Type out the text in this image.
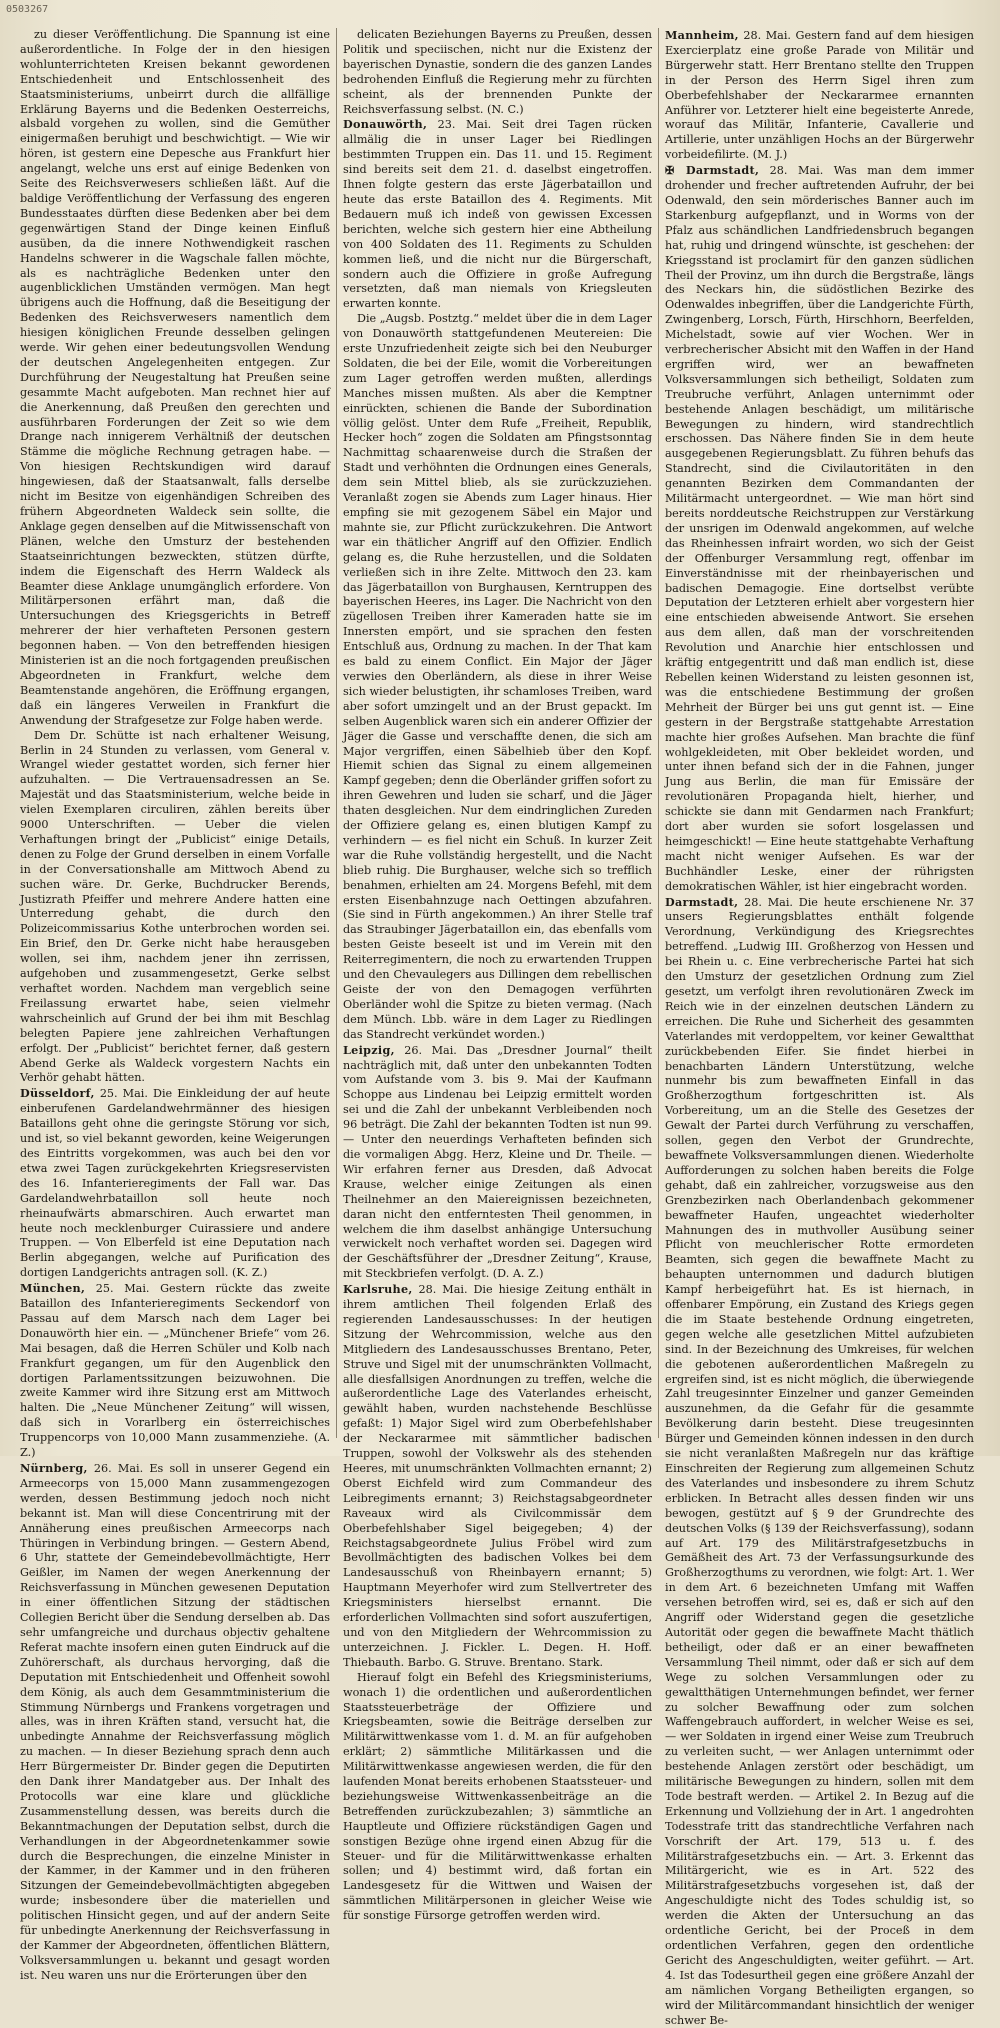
0503267

zu dieser Veröffentlichung. Die Spannung ist eine außerordentliche. In Folge der in den hiesigen wohlunterrichteten Kreisen bekannt gewordenen Entschiedenheit und Entschlossenheit des Staatsministeriums, unbeirrt durch die allfällige Erklärung Bayerns und die Bedenken Oesterreichs, alsbald vorgehen zu wollen, sind die Gemüther einigermaßen beruhigt und beschwichtigt. — Wie wir hören, ist gestern eine Depesche aus Frankfurt hier angelangt, welche uns erst auf einige Bedenken von Seite des Reichsverwesers schließen läßt. Auf die baldige Veröffentlichung der Verfassung des engeren Bundesstaates dürften diese Bedenken aber bei dem gegenwärtigen Stand der Dinge keinen Einfluß ausüben, da die innere Nothwendigkeit raschen Handelns schwerer in die Wagschale fallen möchte, als es nachträgliche Bedenken unter den augenblicklichen Umständen vermögen. Man hegt übrigens auch die Hoffnung, daß die Beseitigung der Bedenken des Reichsverwesers namentlich dem hiesigen königlichen Freunde desselben gelingen werde. Wir gehen einer bedeutungsvollen Wendung der deutschen Angelegenheiten entgegen. Zur Durchführung der Neugestaltung hat Preußen seine gesammte Macht aufgeboten. Man rechnet hier auf die Anerkennung, daß Preußen den gerechten und ausführbaren Forderungen der Zeit so wie dem Drange nach innigerem Verhältniß der deutschen Stämme die mögliche Rechnung getragen habe. — Von hiesigen Rechtskundigen wird darauf hingewiesen, daß der Staatsanwalt, falls derselbe nicht im Besitze von eigenhändigen Schreiben des frühern Abgeordneten Waldeck sein sollte, die Anklage gegen denselben auf die Mitwissenschaft von Plänen, welche den Umsturz der bestehenden Staatseinrichtungen bezweckten, stützen dürfte, indem die Eigenschaft des Herrn Waldeck als Beamter diese Anklage unumgänglich erfordere. Von Militärpersonen erfährt man, daß die Untersuchungen des Kriegsgerichts in Betreff mehrerer der hier verhafteten Personen gestern begonnen haben. — Von den betreffenden hiesigen Ministerien ist an die noch fortgagenden preußischen Abgeordneten in Frankfurt, welche dem Beamtenstande angehören, die Eröffnung ergangen, daß ein längeres Verweilen in Frankfurt die Anwendung der Strafgesetze zur Folge haben werde.

Dem Dr. Schütte ist nach erhaltener Weisung, Berlin in 24 Stunden zu verlassen, vom General v. Wrangel wieder gestattet worden, sich ferner hier aufzuhalten. — Die Vertrauensadressen an Se. Majestät und das Staatsministerium, welche beide in vielen Exemplaren circuliren, zählen bereits über 9000 Unterschriften. — Ueber die vielen Verhaftungen bringt der „Publicist“ einige Details, denen zu Folge der Grund derselben in einem Vorfalle in der Conversationshalle am Mittwoch Abend zu suchen wäre. Dr. Gerke, Buchdrucker Berends, Justizrath Pfeiffer und mehrere Andere hatten eine Unterredung gehabt, die durch den Polizeicommissarius Kothe unterbrochen worden sei. Ein Brief, den Dr. Gerke nicht habe herausgeben wollen, sei ihm, nachdem jener ihn zerrissen, aufgehoben und zusammengesetzt, Gerke selbst verhaftet worden. Nachdem man vergeblich seine Freilassung erwartet habe, seien vielmehr wahrscheinlich auf Grund der bei ihm mit Beschlag belegten Papiere jene zahlreichen Verhaftungen erfolgt. Der „Publicist“ berichtet ferner, daß gestern Abend Gerke als Waldeck vorgestern Nachts ein Verhör gehabt hätten.

Düsseldorf, 25. Mai. Die Einkleidung der auf heute einberufenen Gardelandwehrmänner des hiesigen Bataillons geht ohne die geringste Störung vor sich, und ist, so viel bekannt geworden, keine Weigerungen des Eintritts vorgekommen, was auch bei den vor etwa zwei Tagen zurückgekehrten Kriegsreservisten des 16. Infanterieregiments der Fall war. Das Gardelandwehrbataillon soll heute noch rheinaufwärts abmarschiren. Auch erwartet man heute noch mecklenburger Cuirassiere und andere Truppen. — Von Elberfeld ist eine Deputation nach Berlin abgegangen, welche auf Purification des dortigen Landgerichts antragen soll. (K. Z.)

München, 25. Mai. Gestern rückte das zweite Bataillon des Infanterieregiments Seckendorf von Passau auf dem Marsch nach dem Lager bei Donauwörth hier ein. — „Münchener Briefe“ vom 26. Mai besagen, daß die Herren Schüler und Kolb nach Frankfurt gegangen, um für den Augenblick den dortigen Parlamentssitzungen beizuwohnen. Die zweite Kammer wird ihre Sitzung erst am Mittwoch halten. Die „Neue Münchener Zeitung“ will wissen, daß sich in Vorarlberg ein österreichisches Truppencorps von 10,000 Mann zusammenziehe. (A. Z.)

Nürnberg, 26. Mai. Es soll in unserer Gegend ein Armeecorps von 15,000 Mann zusammengezogen werden, dessen Bestimmung jedoch noch nicht bekannt ist. Man will diese Concentrirung mit der Annäherung eines preußischen Armeecorps nach Thüringen in Verbindung bringen. — Gestern Abend, 6 Uhr, stattete der Gemeindebevollmächtigte, Herr Geißler, im Namen der wegen Anerkennung der Reichsverfassung in München gewesenen Deputation in einer öffentlichen Sitzung der städtischen Collegien Bericht über die Sendung derselben ab. Das sehr umfangreiche und durchaus objectiv gehaltene Referat machte insofern einen guten Eindruck auf die Zuhörerschaft, als durchaus hervorging, daß die Deputation mit Entschiedenheit und Offenheit sowohl dem König, als auch dem Gesammtministerium die Stimmung Nürnbergs und Frankens vorgetragen und alles, was in ihren Kräften stand, versucht hat, die unbedingte Annahme der Reichsverfassung möglich zu machen. — In dieser Beziehung sprach denn auch Herr Bürgermeister Dr. Binder gegen die Deputirten den Dank ihrer Mandatgeber aus. Der Inhalt des Protocolls war eine klare und glückliche Zusammenstellung dessen, was bereits durch die Bekanntmachungen der Deputation selbst, durch die Verhandlungen in der Abgeordnetenkammer sowie durch die Besprechungen, die einzelne Minister in der Kammer, in der Kammer und in den früheren Sitzungen der Gemeindebevollmächtigten abgegeben wurde; insbesondere über die materiellen und politischen Hinsicht gegen, und auf der andern Seite für unbedingte Anerkennung der Reichsverfassung in der Kammer der Abgeordneten, öffentlichen Blättern, Volksversammlungen u. bekannt und gesagt worden ist. Neu waren uns nur die Erörterungen über den

delicaten Beziehungen Bayerns zu Preußen, dessen Politik und speciischen, nicht nur die Existenz der bayerischen Dynastie, sondern die des ganzen Landes bedrohenden Einfluß die Regierung mehr zu fürchten scheint, als der brennenden Punkte der Reichsverfassung selbst. (N. C.)

Donauwörth, 23. Mai. Seit drei Tagen rücken allmälig die in unser Lager bei Riedlingen bestimmten Truppen ein. Das 11. und 15. Regiment sind bereits seit dem 21. d. daselbst eingetroffen. Ihnen folgte gestern das erste Jägerbataillon und heute das erste Bataillon des 4. Regiments. Mit Bedauern muß ich indeß von gewissen Excessen berichten, welche sich gestern hier eine Abtheilung von 400 Soldaten des 11. Regiments zu Schulden kommen ließ, und die nicht nur die Bürgerschaft, sondern auch die Offiziere in große Aufregung versetzten, daß man niemals von Kriegsleuten erwarten konnte.

Die „Augsb. Postztg.“ meldet über die in dem Lager von Donauwörth stattgefundenen Meutereien: Die erste Unzufriedenheit zeigte sich bei den Neuburger Soldaten, die bei der Eile, womit die Vorbereitungen zum Lager getroffen werden mußten, allerdings Manches missen mußten. Als aber die Kemptner einrückten, schienen die Bande der Subordination völlig gelöst. Unter dem Rufe „Freiheit, Republik, Hecker hoch“ zogen die Soldaten am Pfingstsonntag Nachmittag schaarenweise durch die Straßen der Stadt und verhöhnten die Ordnungen eines Generals, dem sein Mittel blieb, als sie zurückzuziehen. Veranlaßt zogen sie Abends zum Lager hinaus. Hier empfing sie mit gezogenem Säbel ein Major und mahnte sie, zur Pflicht zurückzukehren. Die Antwort war ein thätlicher Angriff auf den Offizier. Endlich gelang es, die Ruhe herzustellen, und die Soldaten verließen sich in ihre Zelte. Mittwoch den 23. kam das Jägerbataillon von Burghausen, Kerntruppen des bayerischen Heeres, ins Lager. Die Nachricht von den zügellosen Treiben ihrer Kameraden hatte sie im Innersten empört, und sie sprachen den festen Entschluß aus, Ordnung zu machen. In der That kam es bald zu einem Conflict. Ein Major der Jäger verwies den Oberländern, als diese in ihrer Weise sich wieder belustigten, ihr schamloses Treiben, ward aber sofort umzingelt und an der Brust gepackt. Im selben Augenblick waren sich ein anderer Offizier der Jäger die Gasse und verschaffte denen, die sich am Major vergriffen, einen Säbelhieb über den Kopf. Hiemit schien das Signal zu einem allgemeinen Kampf gegeben; denn die Oberländer griffen sofort zu ihren Gewehren und luden sie scharf, und die Jäger thaten desgleichen. Nur dem eindringlichen Zureden der Offiziere gelang es, einen blutigen Kampf zu verhindern — es fiel nicht ein Schuß. In kurzer Zeit war die Ruhe vollständig hergestellt, und die Nacht blieb ruhig. Die Burghauser, welche sich so trefflich benahmen, erhielten am 24. Morgens Befehl, mit dem ersten Eisenbahnzuge nach Oettingen abzufahren. (Sie sind in Fürth angekommen.) An ihrer Stelle traf das Straubinger Jägerbataillon ein, das ebenfalls vom besten Geiste beseelt ist und im Verein mit den Reiterregimentern, die noch zu erwartenden Truppen und den Chevaulegers aus Dillingen dem rebellischen Geiste der von den Demagogen verführten Oberländer wohl die Spitze zu bieten vermag. (Nach dem Münch. Lbb. wäre in dem Lager zu Riedlingen das Standrecht verkündet worden.)

Leipzig, 26. Mai. Das „Dresdner Journal“ theilt nachträglich mit, daß unter den unbekannten Todten vom Aufstande vom 3. bis 9. Mai der Kaufmann Schoppe aus Lindenau bei Leipzig ermittelt worden sei und die Zahl der unbekannt Verbleibenden noch 96 beträgt. Die Zahl der bekannten Todten ist nun 99. — Unter den neuerdings Verhafteten befinden sich die vormaligen Abgg. Herz, Kleine und Dr. Theile. — Wir erfahren ferner aus Dresden, daß Advocat Krause, welcher einige Zeitungen als einen Theilnehmer an den Maiereignissen bezeichneten, daran nicht den entferntesten Theil genommen, in welchem die ihm daselbst anhängige Untersuchung verwickelt noch verhaftet worden sei. Dagegen wird der Geschäftsführer der „Dresdner Zeitung“, Krause, mit Steckbriefen verfolgt. (D. A. Z.)

Karlsruhe, 28. Mai. Die hiesige Zeitung enthält in ihrem amtlichen Theil folgenden Erlaß des regierenden Landesausschusses: In der heutigen Sitzung der Wehrcommission, welche aus den Mitgliedern des Landesausschusses Brentano, Peter, Struve und Sigel mit der unumschränkten Vollmacht, alle diesfallsigen Anordnungen zu treffen, welche die außerordentliche Lage des Vaterlandes erheischt, gewählt haben, wurden nachstehende Beschlüsse gefaßt: 1) Major Sigel wird zum Oberbefehlshaber der Neckararmee mit sämmtlicher badischen Truppen, sowohl der Volkswehr als des stehenden Heeres, mit unumschränkten Vollmachten ernannt; 2) Oberst Eichfeld wird zum Commandeur des Leibregiments ernannt; 3) Reichstagsabgeordneter Raveaux wird als Civilcommissär dem Oberbefehlshaber Sigel beigegeben; 4) der Reichstagsabgeordnete Julius Fröbel wird zum Bevollmächtigten des badischen Volkes bei dem Landesausschuß von Rheinbayern ernannt; 5) Hauptmann Meyerhofer wird zum Stellvertreter des Kriegsministers hierselbst ernannt. Die erforderlichen Vollmachten sind sofort auszufertigen, und von den Mitgliedern der Wehrcommission zu unterzeichnen. J. Fickler. L. Degen. H. Hoff. Thiebauth. Barbo. G. Struve. Brentano. Stark.

Hierauf folgt ein Befehl des Kriegsministeriums, wonach 1) die ordentlichen und außerordentlichen Staatssteuerbeträge der Offiziere und Kriegsbeamten, sowie die Beiträge derselben zur Militärwittwenkasse vom 1. d. M. an für aufgehoben erklärt; 2) sämmtliche Militärkassen und die Militärwittwenkasse angewiesen werden, die für den laufenden Monat bereits erhobenen Staatssteuer- und beziehungsweise Wittwenkassenbeiträge an die Betreffenden zurückzubezahlen; 3) sämmtliche an Hauptleute und Offiziere rückständigen Gagen und sonstigen Bezüge ohne irgend einen Abzug für die Steuer- und für die Militärwittwenkasse erhalten sollen; und 4) bestimmt wird, daß fortan ein Landesgesetz für die Wittwen und Waisen der sämmtlichen Militärpersonen in gleicher Weise wie für sonstige Fürsorge getroffen werden wird.

Mannheim, 28. Mai. Gestern fand auf dem hiesigen Exercierplatz eine große Parade von Militär und Bürgerwehr statt. Herr Brentano stellte den Truppen in der Person des Herrn Sigel ihren zum Oberbefehlshaber der Neckararmee ernannten Anführer vor. Letzterer hielt eine begeisterte Anrede, worauf das Militär, Infanterie, Cavallerie und Artillerie, unter unzähligen Hochs an der Bürgerwehr vorbeidefilirte. (M. J.)

✠ Darmstadt, 28. Mai. Was man dem immer drohender und frecher auftretenden Aufruhr, der bei Odenwald, den sein mörderisches Banner auch im Starkenburg aufgepflanzt, und in Worms von der Pfalz aus schändlichen Landfriedensbruch begangen hat, ruhig und dringend wünschte, ist geschehen: der Kriegsstand ist proclamirt für den ganzen südlichen Theil der Provinz, um ihn durch die Bergstraße, längs des Neckars hin, die südöstlichen Bezirke des Odenwaldes inbegriffen, über die Landgerichte Fürth, Zwingenberg, Lorsch, Fürth, Hirschhorn, Beerfelden, Michelstadt, sowie auf vier Wochen. Wer in verbrecherischer Absicht mit den Waffen in der Hand ergriffen wird, wer an bewaffneten Volksversammlungen sich betheiligt, Soldaten zum Treubruche verführt, Anlagen unternimmt oder bestehende Anlagen beschädigt, um militärische Bewegungen zu hindern, wird standrechtlich erschossen. Das Nähere finden Sie in dem heute ausgegebenen Regierungsblatt. Zu führen behufs das Standrecht, sind die Civilautoritäten in den genannten Bezirken dem Commandanten der Militärmacht untergeordnet. — Wie man hört sind bereits norddeutsche Reichstruppen zur Verstärkung der unsrigen im Odenwald angekommen, auf welche das Rheinhessen infrairt worden, wo sich der Geist der Offenburger Versammlung regt, offenbar im Einverständnisse mit der rheinbayerischen und badischen Demagogie. Eine dortselbst verübte Deputation der Letzteren erhielt aber vorgestern hier eine entschieden abweisende Antwort. Sie ersehen aus dem allen, daß man der vorschreitenden Revolution und Anarchie hier entschlossen und kräftig entgegentritt und daß man endlich ist, diese Rebellen keinen Widerstand zu leisten gesonnen ist, was die entschiedene Bestimmung der großen Mehrheit der Bürger bei uns gut gennt ist. — Eine gestern in der Bergstraße stattgehabte Arrestation machte hier großes Aufsehen. Man brachte die fünf wohlgekleideten, mit Ober bekleidet worden, und unter ihnen befand sich der in die Fahnen, junger Jung aus Berlin, die man für Emissäre der revolutionären Propaganda hielt, hierher, und schickte sie dann mit Gendarmen nach Frankfurt; dort aber wurden sie sofort losgelassen und heimgeschickt! — Eine heute stattgehabte Verhaftung macht nicht weniger Aufsehen. Es war der Buchhändler Leske, einer der rührigsten demokratischen Wähler, ist hier eingebracht worden.

Darmstadt, 28. Mai. Die heute erschienene Nr. 37 unsers Regierungsblattes enthält folgende Verordnung, Verkündigung des Kriegsrechtes betreffend. „Ludwig III. Großherzog von Hessen und bei Rhein u. c. Eine verbrecherische Partei hat sich den Umsturz der gesetzlichen Ordnung zum Ziel gesetzt, um verfolgt ihren revolutionären Zweck im Reich wie in der einzelnen deutschen Ländern zu erreichen. Die Ruhe und Sicherheit des gesammten Vaterlandes mit verdoppeltem, vor keiner Gewaltthat zurückbebenden Eifer. Sie findet hierbei in benachbarten Ländern Unterstützung, welche nunmehr bis zum bewaffneten Einfall in das Großherzogthum fortgeschritten ist. Als Vorbereitung, um an die Stelle des Gesetzes der Gewalt der Partei durch Verführung zu verschaffen, sollen, gegen den Verbot der Grundrechte, bewaffnete Volksversammlungen dienen. Wiederholte Aufforderungen zu solchen haben bereits die Folge gehabt, daß ein zahlreicher, vorzugsweise aus den Grenzbezirken nach Oberlandenbach gekommener bewaffneter Haufen, ungeachtet wiederholter Mahnungen des in muthvoller Ausübung seiner Pflicht von meuchlerischer Rotte ermordeten Beamten, sich gegen die bewaffnete Macht zu behaupten unternommen und dadurch blutigen Kampf herbeigeführt hat. Es ist hiernach, in offenbarer Empörung, ein Zustand des Kriegs gegen die im Staate bestehende Ordnung eingetreten, gegen welche alle gesetzlichen Mittel aufzubieten sind. In der Bezeichnung des Umkreises, für welchen die gebotenen außerordentlichen Maßregeln zu ergreifen sind, ist es nicht möglich, die überwiegende Zahl treugesinnter Einzelner und ganzer Gemeinden auszunehmen, da die Gefahr für die gesammte Bevölkerung darin besteht. Diese treugesinnten Bürger und Gemeinden können indessen in den durch sie nicht veranlaßten Maßregeln nur das kräftige Einschreiten der Regierung zum allgemeinen Schutz des Vaterlandes und insbesondere zu ihrem Schutz erblicken. In Betracht alles dessen finden wir uns bewogen, gestützt auf § 9 der Grundrechte des deutschen Volks (§ 139 der Reichsverfassung), sodann auf Art. 179 des Militärstrafgesetzbuchs in Gemäßheit des Art. 73 der Verfassungsurkunde des Großherzogthums zu verordnen, wie folgt: Art. 1. Wer in dem Art. 6 bezeichneten Umfang mit Waffen versehen betroffen wird, sei es, daß er sich auf den Angriff oder Widerstand gegen die gesetzliche Autorität oder gegen die bewaffnete Macht thätlich betheiligt, oder daß er an einer bewaffneten Versammlung Theil nimmt, oder daß er sich auf dem Wege zu solchen Versammlungen oder zu gewaltthätigen Unternehmungen befindet, wer ferner zu solcher Bewaffnung oder zum solchen Waffengebrauch auffordert, in welcher Weise es sei, — wer Soldaten in irgend einer Weise zum Treubruch zu verleiten sucht, — wer Anlagen unternimmt oder bestehende Anlagen zerstört oder beschädigt, um militärische Bewegungen zu hindern, sollen mit dem Tode bestraft werden. — Artikel 2. In Bezug auf die Erkennung und Vollziehung der in Art. 1 angedrohten Todesstrafe tritt das standrechtliche Verfahren nach Vorschrift der Art. 179, 513 u. f. des Militärstrafgesetzbuchs ein. — Art. 3. Erkennt das Militärgericht, wie es in Art. 522 des Militärstrafgesetzbuchs vorgesehen ist, daß der Angeschuldigte nicht des Todes schuldig ist, so werden die Akten der Untersuchung an das ordentliche Gericht, bei der Proceß in dem ordentlichen Verfahren, gegen den ordentliche Gericht des Angeschuldigten, weiter geführt. — Art. 4. Ist das Todesurtheil gegen eine größere Anzahl der am nämlichen Vorgang Betheiligten ergangen, so wird der Militärcommandant hinsichtlich der weniger schwer Be-
